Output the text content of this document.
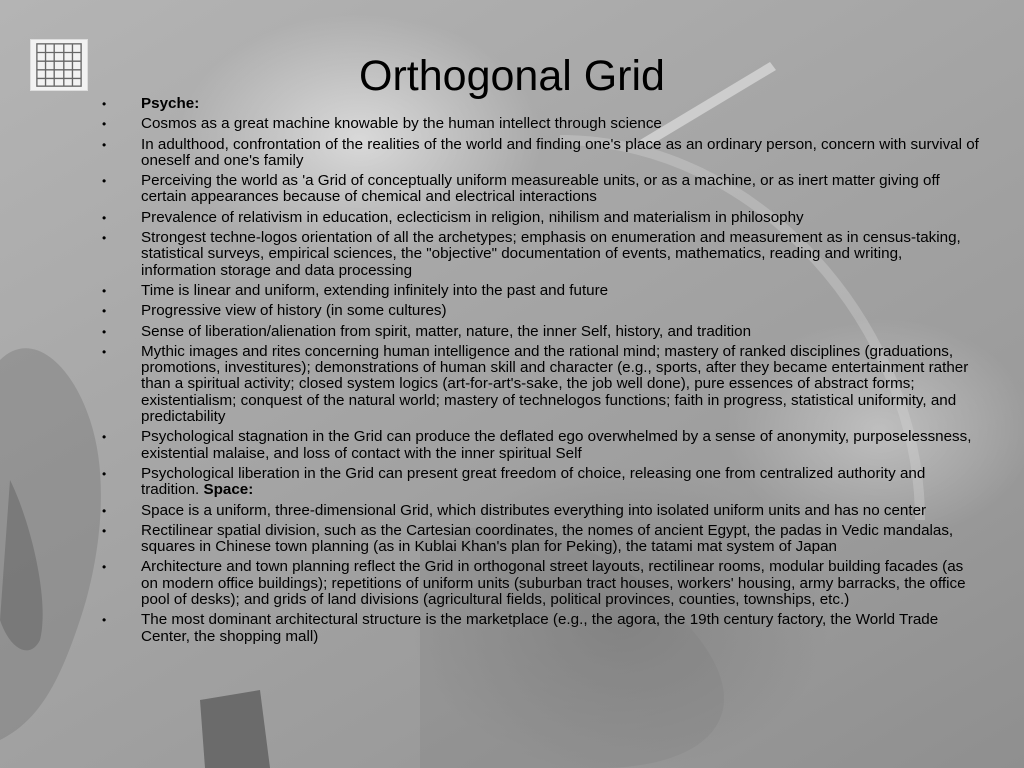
Orthogonal Grid
• Psyche:
• Cosmos as a great machine knowable by the human intellect through science
• In adulthood, confrontation of the realities of the world and finding one's place as an ordinary person, concern with survival of oneself and one's family
• Perceiving the world as 'a Grid of conceptually uniform measureable units, or as a machine, or as inert matter giving off certain appearances because of chemical and electrical interactions
• Prevalence of relativism in education, eclecticism in religion, nihilism and materialism in philosophy
• Strongest techne-logos orientation of all the archetypes; emphasis on enumeration and measurement as in census-taking, statistical surveys, empirical sciences, the "objective" documentation of events, mathematics, reading and writing, information storage and data processing
• Time is linear and uniform, extending infinitely into the past and future
• Progressive view of history (in some cultures)
• Sense of liberation/alienation from spirit, matter, nature, the inner Self, history, and tradition
• Mythic images and rites concerning human intelligence and the rational mind; mastery of ranked disciplines (graduations, promotions, investitures); demonstrations of human skill and character (e.g., sports, after they became entertainment rather than a spiritual activity; closed system logics (art-for-art's-sake, the job well done), pure essences of abstract forms; existentialism; conquest of the natural world; mastery of technelogos functions; faith in progress, statistical uniformity, and predictability
• Psychological stagnation in the Grid can produce the deflated ego overwhelmed by a sense of anonymity, purposelessness, existential malaise, and loss of contact with the inner spiritual Self
• Psychological liberation in the Grid can present great freedom of choice, releasing one from centralized authority and tradition. Space:
• Space is a uniform, three-dimensional Grid, which distributes everything into isolated uniform units and has no center
• Rectilinear spatial division, such as the Cartesian coordinates, the nomes of ancient Egypt, the padas in Vedic mandalas, squares in Chinese town planning (as in Kublai Khan's plan for Peking), the tatami mat system of Japan
• Architecture and town planning reflect the Grid in orthogonal street layouts, rectilinear rooms, modular building facades (as on modern office buildings); repetitions of uniform units (suburban tract houses, workers' housing, army barracks, the office pool of desks); and grids of land divisions (agricultural fields, political provinces, counties, townships, etc.)
• The most dominant architectural structure is the marketplace (e.g., the agora, the 19th century factory, the World Trade Center, the shopping mall)
